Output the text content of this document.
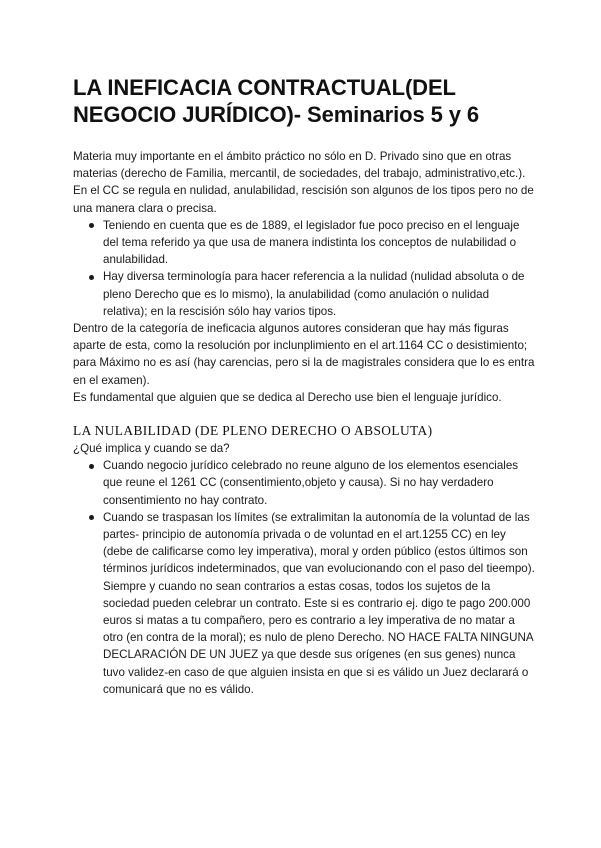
LA INEFICACIA CONTRACTUAL(DEL NEGOCIO JURÍDICO)- Seminarios 5 y 6

Materia muy importante en el ámbito práctico no sólo en D. Privado sino que en otras materias (derecho de Familia, mercantil, de sociedades, del trabajo, administrativo,etc.).

En el CC se regula en nulidad, anulabilidad, rescisión son algunos de los tipos pero no de una manera clara o precisa.

Teniendo en cuenta que es de 1889, el legislador fue poco preciso en el lenguaje del tema referido ya que usa de manera indistinta los conceptos de nulabilidad o anulabilidad.
Hay diversa terminología para hacer referencia a la nulidad (nulidad absoluta o de pleno Derecho que es lo mismo), la anulabilidad (como anulación o nulidad relativa); en la rescisión sólo hay varios tipos.

Dentro de la categoría de ineficacia algunos autores consideran que hay más figuras aparte de esta, como la resolución por inclunplimiento en el art.1164 CC o desistimiento; para Máximo no es así (hay carencias, pero si la de magistrales considera que lo es entra en el examen).

Es fundamental que alguien que se dedica al Derecho use bien el lenguaje jurídico.

LA NULABILIDAD (DE PLENO DERECHO O ABSOLUTA)

¿Qué implica y cuando se da?

Cuando negocio jurídico celebrado no reune alguno de los elementos esenciales que reune el 1261 CC (consentimiento,objeto y causa). Si no hay verdadero consentimiento no hay contrato.
Cuando se traspasan los límites (se extralimitan la autonomía de la voluntad de las partes- principio de autonomía privada o de voluntad en el art.1255 CC) en ley (debe de calificarse como ley imperativa), moral y orden público (estos últimos son términos jurídicos indeterminados, que van evolucionando con el paso del tieempo). Siempre y cuando no sean contrarios a estas cosas, todos los sujetos de la sociedad pueden celebrar un contrato. Este si es contrario ej. digo te pago 200.000 euros si matas a tu compañero, pero es contrario a ley imperativa de no matar a otro (en contra de la moral); es nulo de pleno Derecho. NO HACE FALTA NINGUNA DECLARACIÓN DE UN JUEZ ya que desde sus orígenes (en sus genes) nunca tuvo validez-en caso de que alguien insista en que si es válido un Juez declarará o comunicará que no es válido.
